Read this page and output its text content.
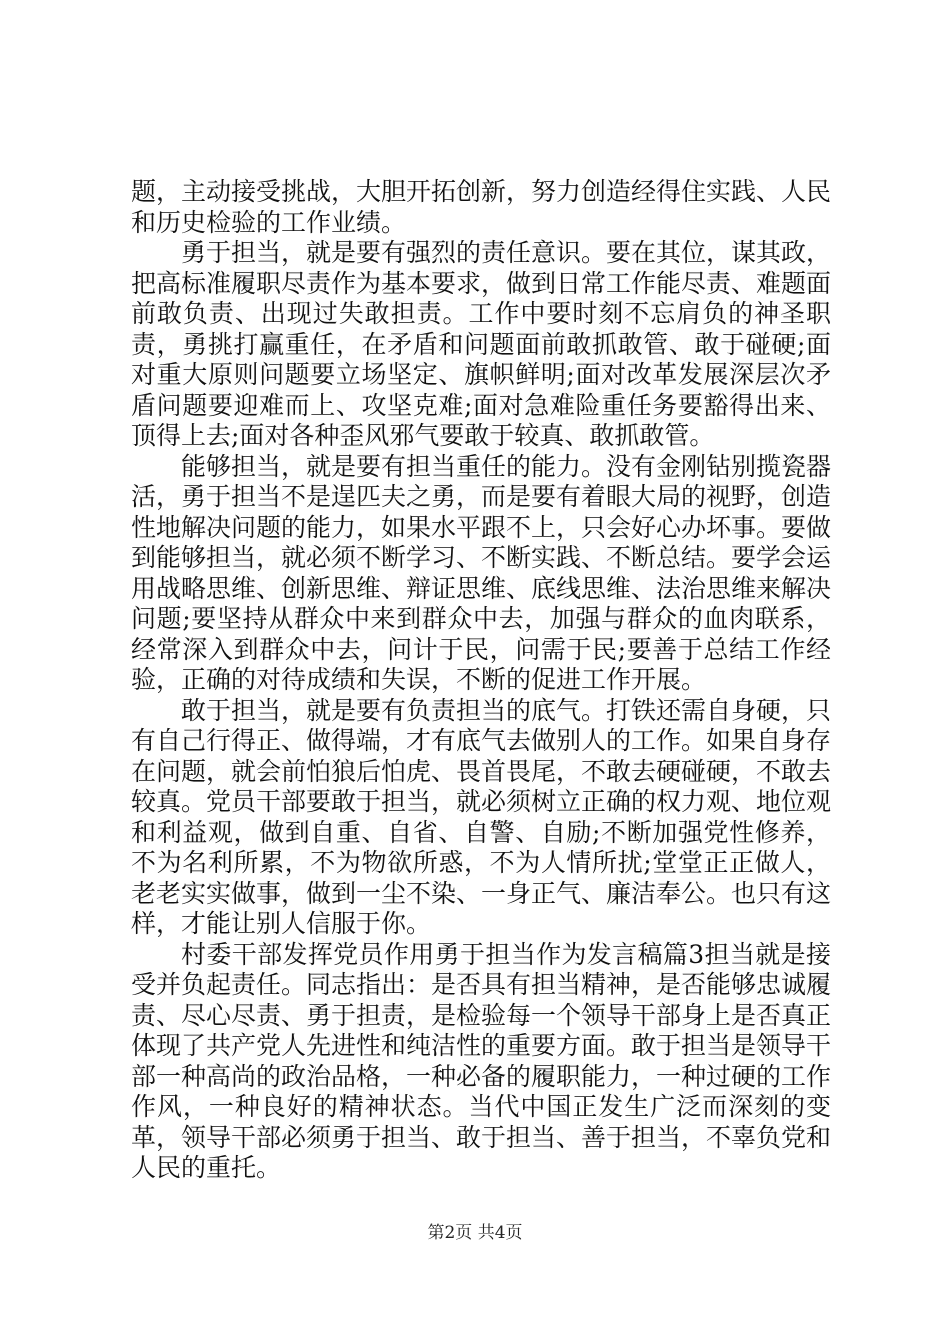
题，主动接受挑战，大胆开拓创新，努力创造经得住实践、人民和历史检验的工作业绩。

勇于担当，就是要有强烈的责任意识。要在其位，谋其政，把高标准履职尽责作为基本要求，做到日常工作能尽责、难题面前敢负责、出现过失敢担责。工作中要时刻不忘肩负的神圣职责，勇挑打赢重任，在矛盾和问题面前敢抓敢管、敢于碰硬;面对重大原则问题要立场坚定、旗帜鲜明;面对改革发展深层次矛盾问题要迎难而上、攻坚克难;面对急难险重任务要豁得出来、顶得上去;面对各种歪风邪气要敢于较真、敢抓敢管。

能够担当，就是要有担当重任的能力。没有金刚钻别揽瓷器活，勇于担当不是逞匹夫之勇，而是要有着眼大局的视野，创造性地解决问题的能力，如果水平跟不上，只会好心办坏事。要做到能够担当，就必须不断学习、不断实践、不断总结。要学会运用战略思维、创新思维、辩证思维、底线思维、法治思维来解决问题;要坚持从群众中来到群众中去，加强与群众的血肉联系，经常深入到群众中去，问计于民，问需于民;要善于总结工作经验，正确的对待成绩和失误，不断的促进工作开展。

敢于担当，就是要有负责担当的底气。打铁还需自身硬，只有自己行得正、做得端，才有底气去做别人的工作。如果自身存在问题，就会前怕狼后怕虎、畏首畏尾，不敢去硬碰硬，不敢去较真。党员干部要敢于担当，就必须树立正确的权力观、地位观和利益观，做到自重、自省、自警、自励;不断加强党性修养，不为名利所累，不为物欲所惑，不为人情所扰;堂堂正正做人，老老实实做事，做到一尘不染、一身正气、廉洁奉公。也只有这样，才能让别人信服于你。

村委干部发挥党员作用勇于担当作为发言稿篇3担当就是接受并负起责任。同志指出：是否具有担当精神，是否能够忠诚履责、尽心尽责、勇于担责，是检验每一个领导干部身上是否真正体现了共产党人先进性和纯洁性的重要方面。敢于担当是领导干部一种高尚的政治品格，一种必备的履职能力，一种过硬的工作作风，一种良好的精神状态。当代中国正发生广泛而深刻的变革，领导干部必须勇于担当、敢于担当、善于担当，不辜负党和人民的重托。

第2页 共4页
